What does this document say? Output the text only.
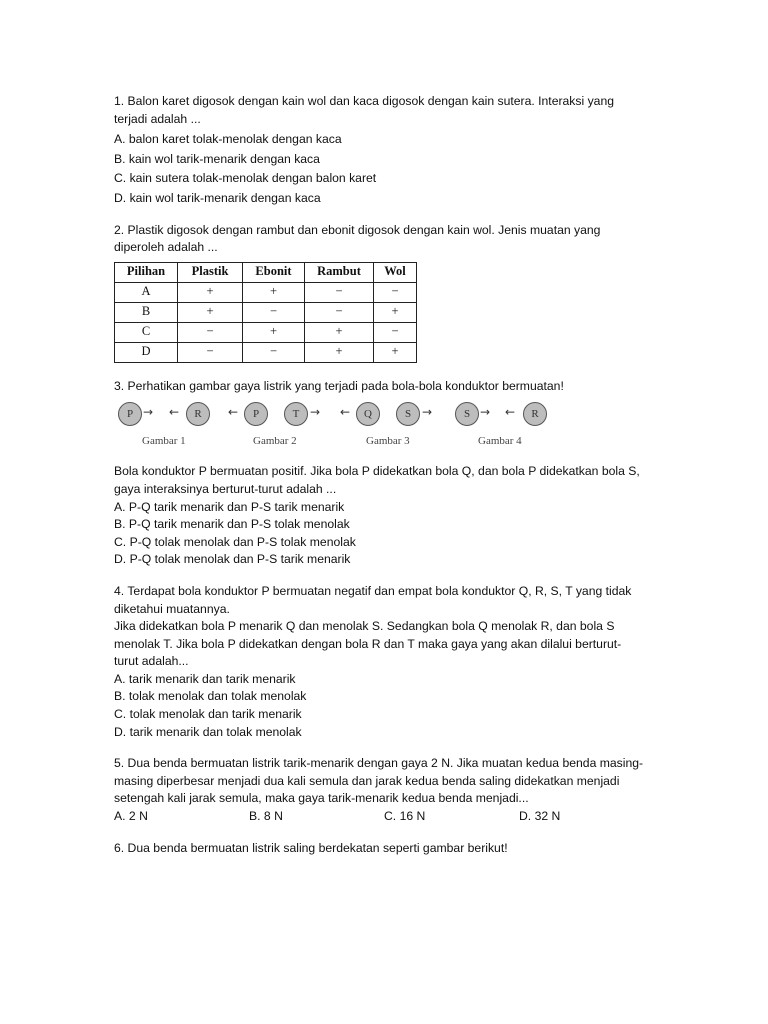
1. Balon karet digosok dengan kain wol dan kaca digosok dengan kain sutera. Interaksi yang
terjadi adalah ...
A. balon karet tolak-menolak dengan kaca
B. kain wol tarik-menarik dengan kaca
C. kain sutera tolak-menolak dengan balon karet
D. kain wol tarik-menarik dengan kaca
2. Plastik digosok dengan rambut dan ebonit digosok dengan kain wol. Jenis muatan yang
diperoleh adalah ...
Pilihan	Plastik	Ebonit	Rambut	Wol
A	+	+	−	−
B	+	−	−	+
C	−	+	+	−
D	−	−	+	+
3. Perhatikan gambar gaya listrik yang terjadi pada bola-bola konduktor bermuatan!
P → ←	R
Gambar 1
←	P	T →
Gambar 2
←	Q	S →
Gambar 3
S → ←	R
Gambar 4
Bola konduktor P bermuatan positif. Jika bola P didekatkan bola Q, dan bola P didekatkan bola S,
gaya interaksinya berturut-turut adalah ...
A. P-Q tarik menarik dan P-S tarik menarik
B. P-Q tarik menarik dan P-S tolak menolak
C. P-Q tolak menolak dan P-S tolak menolak
D. P-Q tolak menolak dan P-S tarik menarik
4. Terdapat bola konduktor P bermuatan negatif dan empat bola konduktor Q, R, S, T yang tidak
diketahui muatannya.
Jika didekatkan bola P menarik Q dan menolak S. Sedangkan bola Q menolak R, dan bola S
menolak T. Jika bola P didekatkan dengan bola R dan T maka gaya yang akan dilalui berturut-
turut adalah...
A. tarik menarik dan tarik menarik
B. tolak menolak dan tolak menolak
C. tolak menolak dan tarik menarik
D. tarik menarik dan tolak menolak
5. Dua benda bermuatan listrik tarik-menarik dengan gaya 2 N. Jika muatan kedua benda masing-
masing diperbesar menjadi dua kali semula dan jarak kedua benda saling didekatkan menjadi
setengah kali jarak semula, maka gaya tarik-menarik kedua benda menjadi...
A. 2 N	B. 8 N	C. 16 N	D. 32 N
6. Dua benda bermuatan listrik saling berdekatan seperti gambar berikut!
